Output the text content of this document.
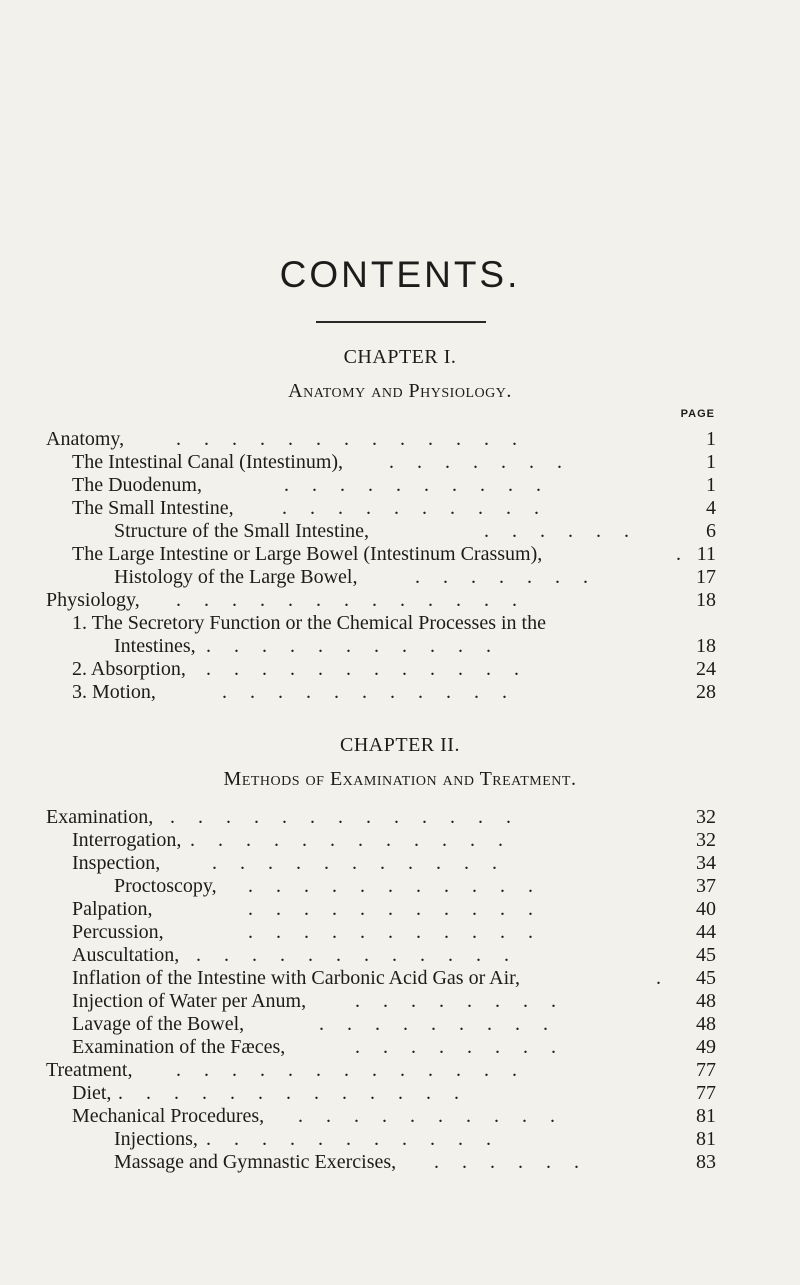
CONTENTS.
CHAPTER I.
Anatomy and Physiology.
PAGE
Anatomy,	. . . . . . . . . . . . .	1
The Intestinal Canal (Intestinum), . . . . . . .	1
The Duodenum,	. . . . . . . . . .	1
The Small Intestine, . . . . . . . . . .	4
Structure of the Small Intestine,	. . . . . .	6
The Large Intestine or Large Bowel (Intestinum Crassum),	. 11
Histology of the Large Bowel,	. . . . . . .	17
Physiology, . . . . . . . . . . . . .	18
1. The Secretory Function or the Chemical Processes in the
Intestines, . . . . . . . . . . .	18
2. Absorption, . . . . . . . . . . . .	24
3. Motion,	. . . . . . . . . . .	28
CHAPTER II.
Methods of Examination and Treatment.
Examination, . . . . . . . . . . . . .	32
Interrogation, . . . . . . . . . . . .	32
Inspection,	. . . . . . . . . . .	34
Proctoscopy, . . . . . . . . . . .	37
Palpation,	. . . . . . . . . . .	40
Percussion,	. . . . . . . . . . .	44
Auscultation, . . . . . . . . . . . .	45
Inflation of the Intestine with Carbonic Acid Gas or Air,	. 45
Injection of Water per Anum, . . . . . . . .	48
Lavage of the Bowel,	. . . . . . . . .	48
Examination of the Fæces,	. . . . . . . .	49
Treatment, . . . . . . . . . . . . .	77
Diet, . . . . . . . . . . . . .	77
Mechanical Procedures, . . . . . . . . . .	81
Injections, . . . . . . . . . . .	81
Massage and Gymnastic Exercises, . . . . . .	83
